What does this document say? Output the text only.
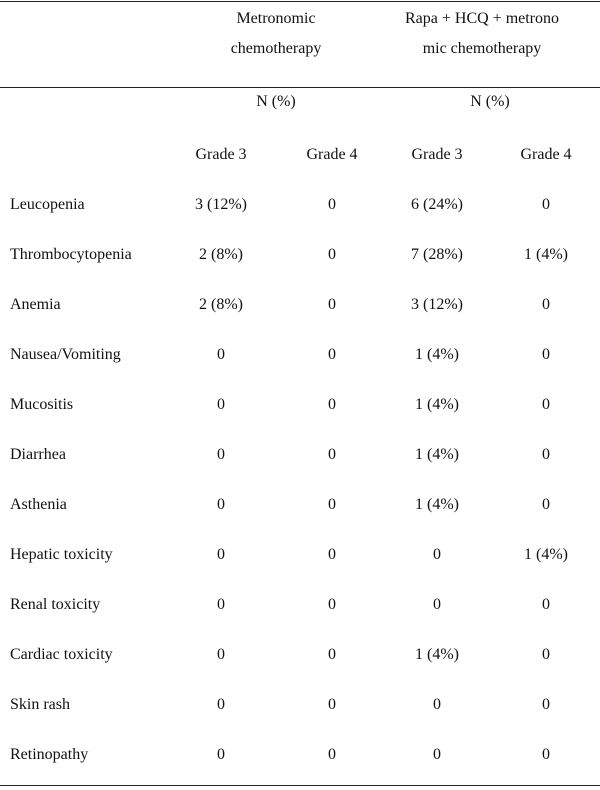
Metronomic
chemotherapy
Rapa + HCQ + metrono
mic chemotherapy
N (%)	N (%)
Grade 3	Grade 4	Grade 3	Grade 4
Leucopenia	3 (12%)	0	6 (24%)	0
Thrombocytopenia	2 (8%)	0	7 (28%)	1 (4%)
Anemia	2 (8%)	0	3 (12%)	0
Nausea/Vomiting	0	0	1 (4%)	0
Mucositis	0	0	1 (4%)	0
Diarrhea	0	0	1 (4%)	0
Asthenia	0	0	1 (4%)	0
Hepatic toxicity	0	0	0	1 (4%)
Renal toxicity	0	0	0	0
Cardiac toxicity	0	0	1 (4%)	0
Skin rash	0	0	0	0
Retinopathy	0	0	0	0
